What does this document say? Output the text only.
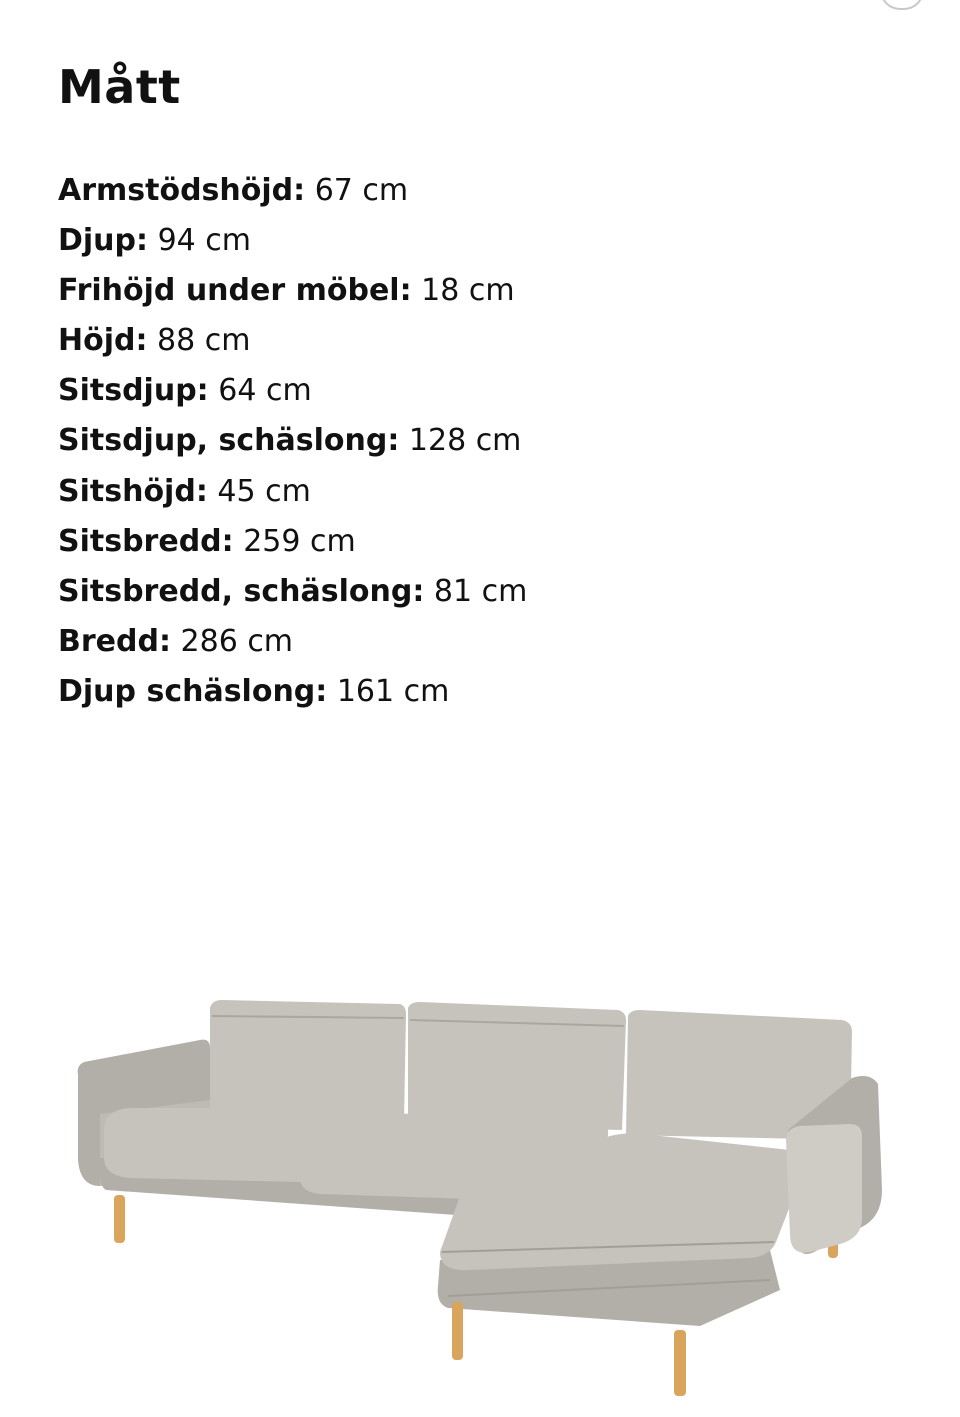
Mått
Armstödshöjd: 67 cm
Djup: 94 cm
Frihöjd under möbel: 18 cm
Höjd: 88 cm
Sitsdjup: 64 cm
Sitsdjup, schäslong: 128 cm
Sitshöjd: 45 cm
Sitsbredd: 259 cm
Sitsbredd, schäslong: 81 cm
Bredd: 286 cm
Djup schäslong: 161 cm
